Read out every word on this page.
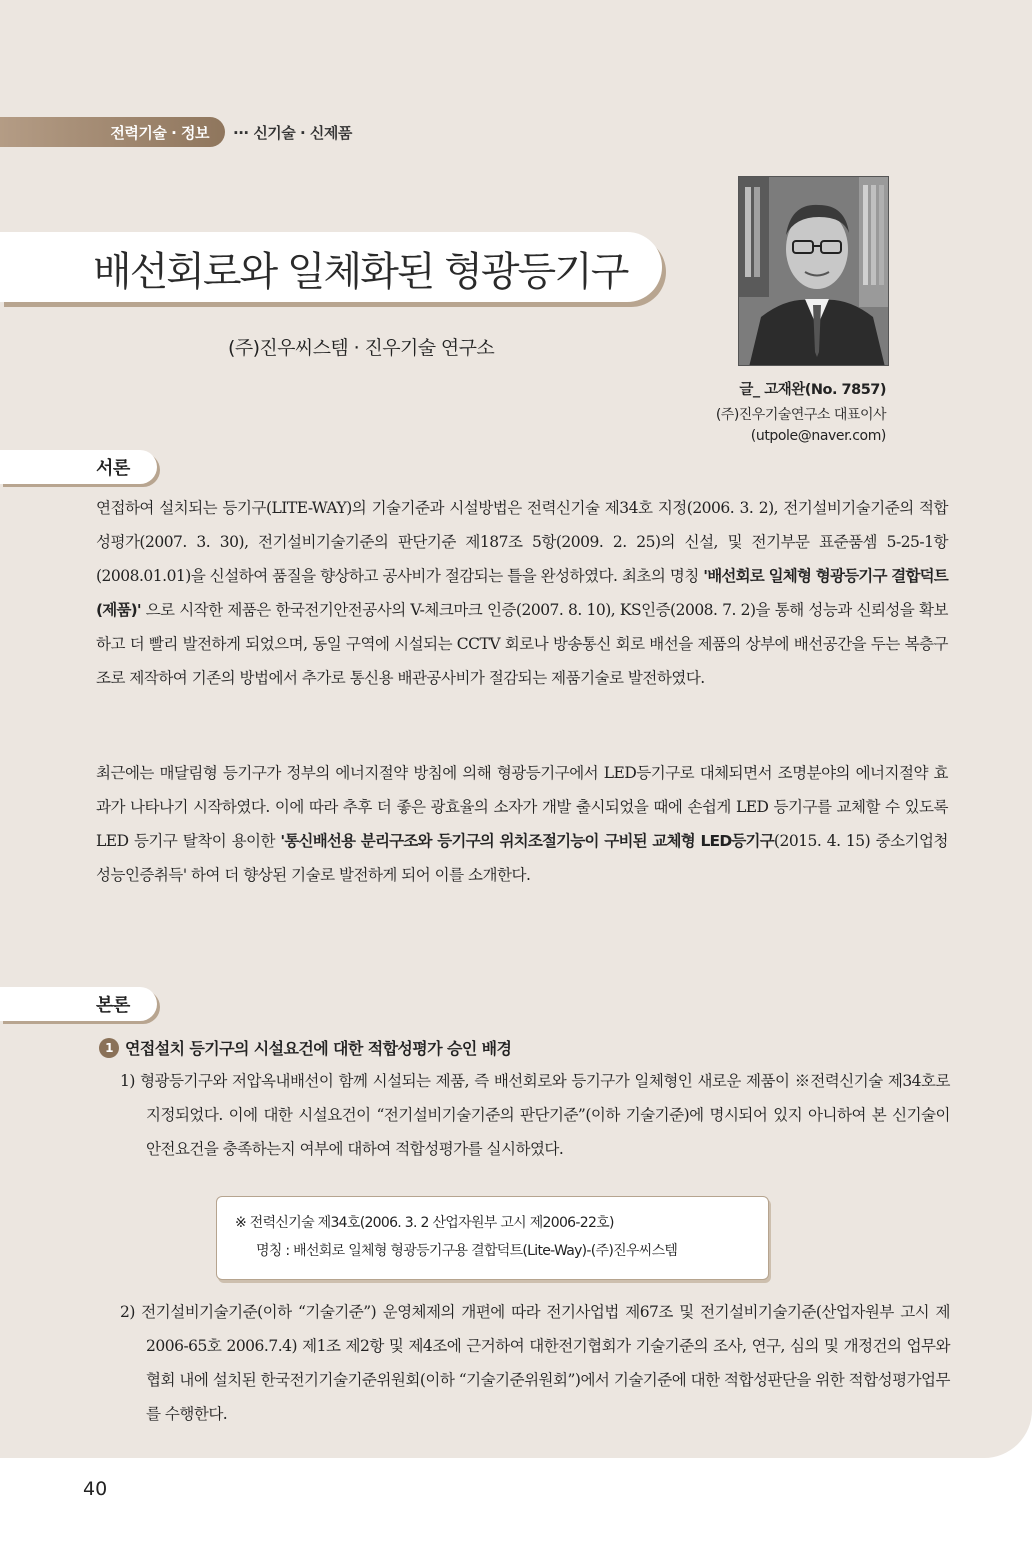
전력기술 · 정보 ··· 신기술 · 신제품
배선회로와 일체화된 형광등기구
(주)진우씨스템 · 진우기술 연구소
글_ 고재완(No. 7857)
(주)진우기술연구소 대표이사
(utpole@naver.com)
서론
연접하여 설치되는 등기구(LITE-WAY)의 기술기준과 시설방법은 전력신기술 제34호 지정(2006. 3. 2), 전기설비기술기준의 적합성평가(2007. 3. 30), 전기설비기술기준의 판단기준 제187조 5항(2009. 2. 25)의 신설, 및 전기부문 표준품셈 5-25-1항(2008.01.01)을 신설하여 품질을 향상하고 공사비가 절감되는 틀을 완성하였다. 최초의 명칭 '배선회로 일체형 형광등기구 결합덕트(제품)' 으로 시작한 제품은 한국전기안전공사의 V-체크마크 인증(2007. 8. 10), KS인증(2008. 7. 2)을 통해 성능과 신뢰성을 확보하고 더 빨리 발전하게 되었으며, 동일 구역에 시설되는 CCTV 회로나 방송통신 회로 배선을 제품의 상부에 배선공간을 두는 복층구조로 제작하여 기존의 방법에서 추가로 통신용 배관공사비가 절감되는 제품기술로 발전하였다.
최근에는 매달림형 등기구가 정부의 에너지절약 방침에 의해 형광등기구에서 LED등기구로 대체되면서 조명분야의 에너지절약 효과가 나타나기 시작하였다. 이에 따라 추후 더 좋은 광효율의 소자가 개발 출시되었을 때에 손쉽게 LED 등기구를 교체할 수 있도록 LED 등기구 탈착이 용이한 '통신배선용 분리구조와 등기구의 위치조절기능이 구비된 교체형 LED등기구(2015. 4. 15) 중소기업청 성능인증취득' 하여 더 향상된 기술로 발전하게 되어 이를 소개한다.
본론
1 연접설치 등기구의 시설요건에 대한 적합성평가 승인 배경
1) 형광등기구와 저압옥내배선이 함께 시설되는 제품, 즉 배선회로와 등기구가 일체형인 새로운 제품이 ※전력신기술 제34호로 지정되었다. 이에 대한 시설요건이 “전기설비기술기준의 판단기준”(이하 기술기준)에 명시되어 있지 아니하여 본 신기술이 안전요건을 충족하는지 여부에 대하여 적합성평가를 실시하였다.
※ 전력신기술 제34호(2006. 3. 2 산업자원부 고시 제2006-22호)
명칭 : 배선회로 일체형 형광등기구용 결합덕트(Lite-Way)-(주)진우씨스템
2) 전기설비기술기준(이하 “기술기준”) 운영체제의 개편에 따라 전기사업법 제67조 및 전기설비기술기준(산업자원부 고시 제2006-65호 2006.7.4) 제1조 제2항 및 제4조에 근거하여 대한전기협회가 기술기준의 조사, 연구, 심의 및 개정건의 업무와 협회 내에 설치된 한국전기기술기준위원회(이하 “기술기준위원회”)에서 기술기준에 대한 적합성판단을 위한 적합성평가업무를 수행한다.
40
